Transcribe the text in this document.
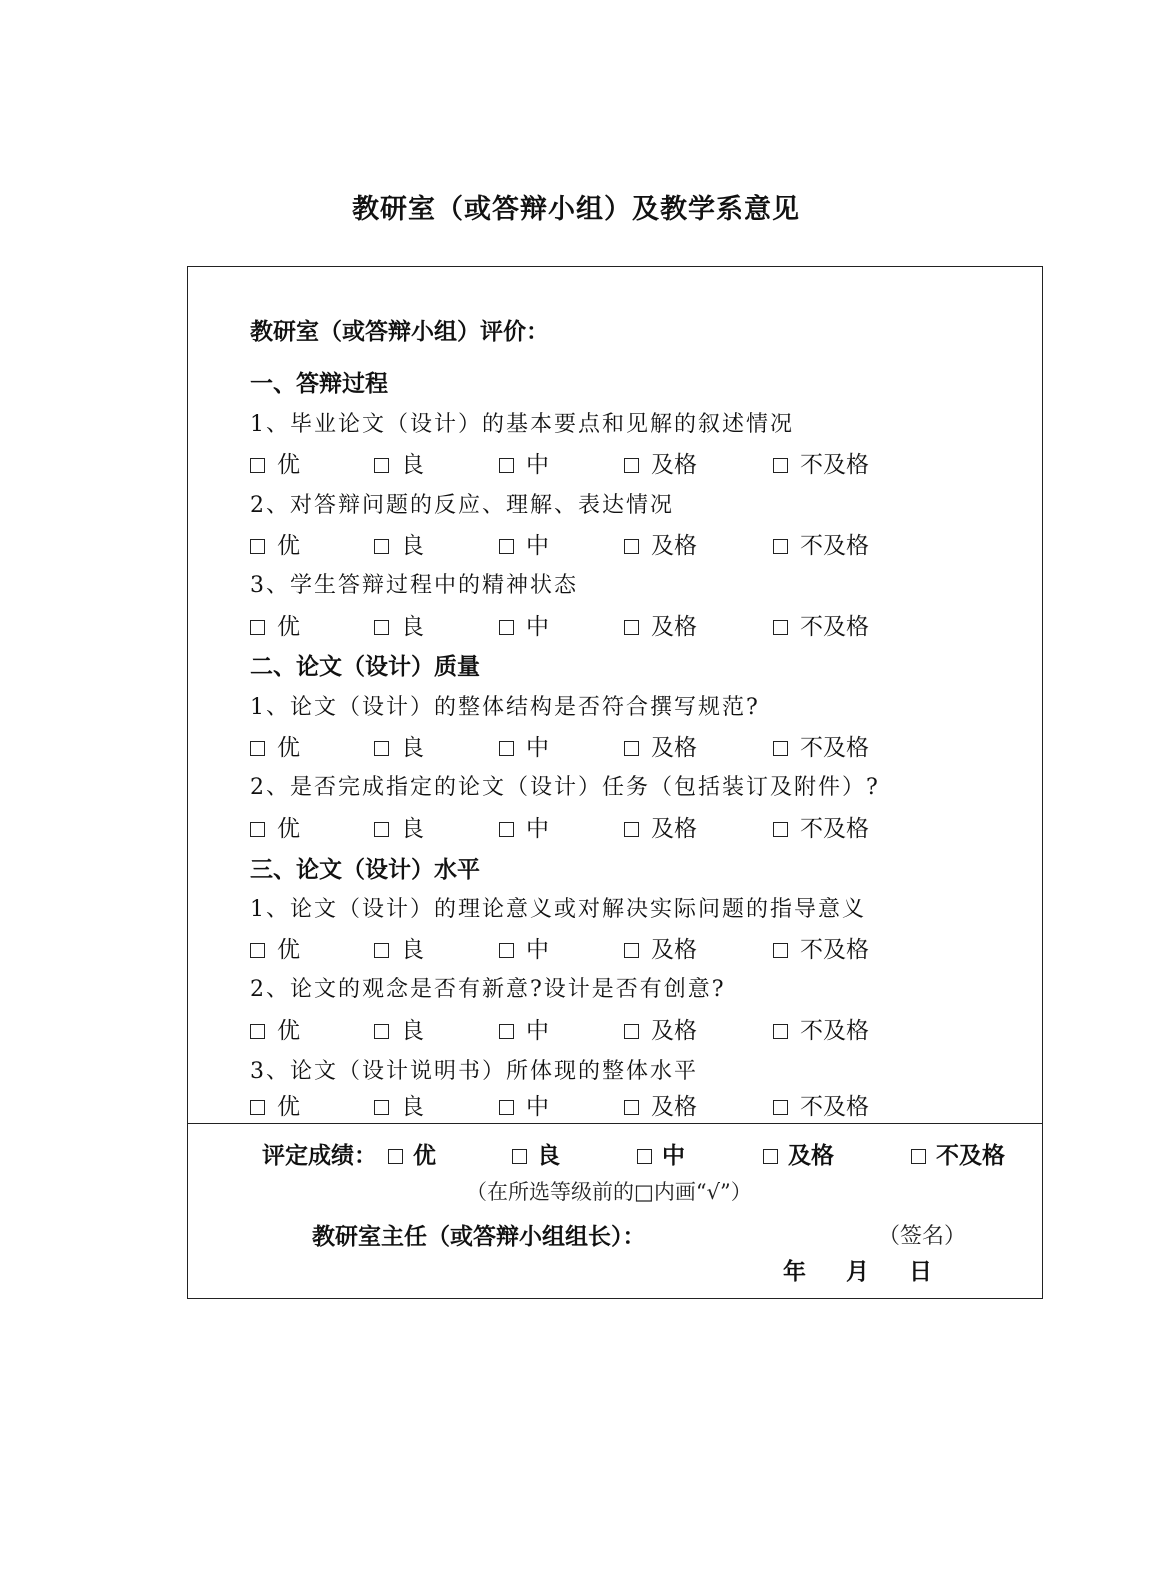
教研室（或答辩小组）及教学系意见
教研室（或答辩小组）评价：
一、答辩过程
1、毕业论文（设计）的基本要点和见解的叙述情况
优	良	中	及格	不及格
2、对答辩问题的反应、理解、表达情况
优	良	中	及格	不及格
3、学生答辩过程中的精神状态
优	良	中	及格	不及格
二、论文（设计）质量
1、论文（设计）的整体结构是否符合撰写规范?
优	良	中	及格	不及格
2、是否完成指定的论文（设计）任务（包括装订及附件）?
优	良	中	及格	不及格
三、论文（设计）水平
1、论文（设计）的理论意义或对解决实际问题的指导意义
优	良	中	及格	不及格
2、论文的观念是否有新意?设计是否有创意?
优	良	中	及格	不及格
3、论文（设计说明书）所体现的整体水平
优	良	中	及格	不及格
评定成绩：	优	良	中	及格	不及格
（在所选等级前的□内画“√”）
教研室主任（或答辩小组组长）：	（签名）
年 月 日
